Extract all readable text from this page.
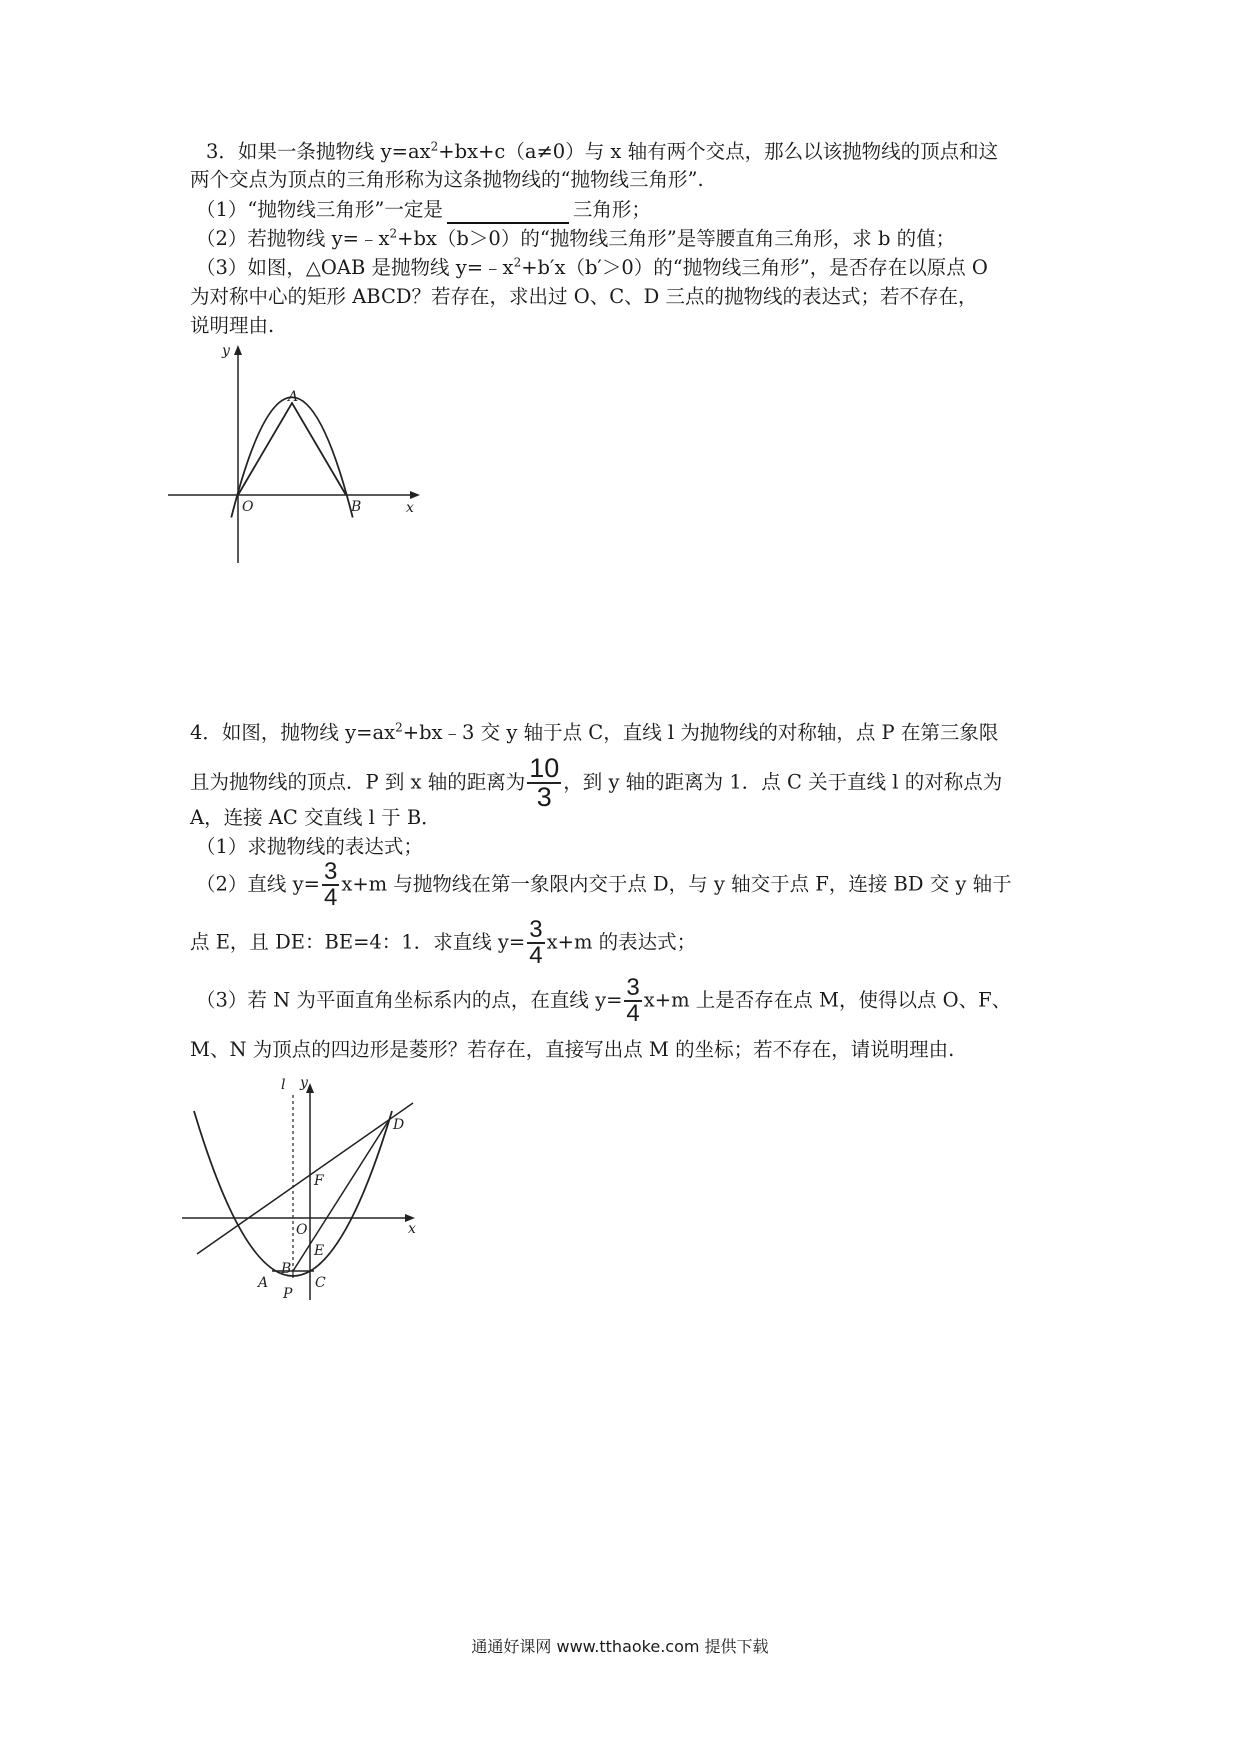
3．如果一条抛物线 $y=ax^2+bx+c(a\ne 0)$与 x 轴有两个交点，那么以该抛物线的顶点和这
两个交点为顶点的三角形称为这条抛物线的“抛物线三角形”.
（1）“抛物线三角形”一定是	三角形；
（2）若抛物线 $y=﹣x^2+bx(b>0)$的“抛物线三角形”是等腰直角三角形，求 b 的值；
（3）如图，△OAB 是抛物线 $y=﹣x^2+b'x(b'>0)$的“抛物线三角形”，是否存在以原点 O
为对称中心的矩形 ABCD？若存在，求出过 O、C、D 三点的抛物线的表达式；若不存在，
说明理由.
y
x
A
O	B
4．如图，抛物线 $y=ax^2+bx﹣3$ 交 y 轴于点 C，直线 l 为抛物线的对称轴，点 P 在第三象限
且为抛物线的顶点．P 到 x 轴的距离为 $\frac{10}{3}$ ，到 y 轴的距离为 1．点 C 关于直线 l 的对称点为
A，连接 AC 交直线 l 于 B．
（1）求抛物线的表达式；
（2）直线 $y= \frac{3}{4} x+m$ 与抛物线在第一象限内交于点 D，与 y 轴交于点 F，连接 BD 交 y 轴于
点 E，且 DE：BE=4：1．求直线 $y= \frac{3}{4} x+m$ 的表达式；
（3）若 N 为平面直角坐标系内的点，在直线 $y= \frac{3}{4} x+m$ 上是否存在点 M，使得以点 O、F、
M、N 为顶点的四边形是菱形？若存在，直接写出点 M 的坐标；若不存在，请说明理由.
l y
x
D
F
O
E
B
C
A
P
通通好课网 www.tthaoke.com 提供下载
